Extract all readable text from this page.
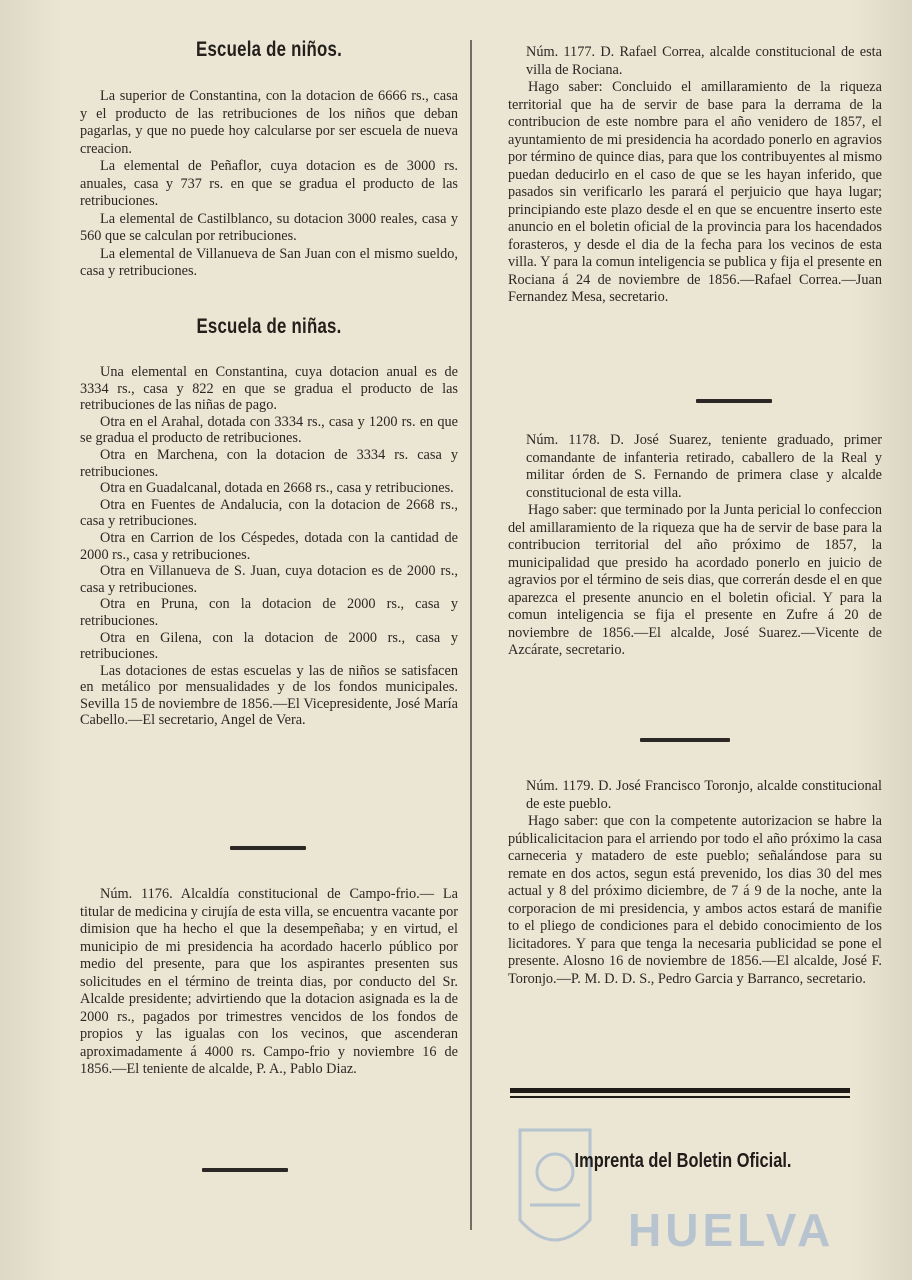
Escuela de niños.

La superior de Constantina, con la dotacion de 6666 rs., casa y el producto de las retribuciones de los niños que deban pagarlas, y que no puede hoy calcularse por ser escuela de nueva creacion.

La elemental de Peñaflor, cuya dotacion es de 3000 rs. anuales, casa y 737 rs. en que se gradua el producto de las retribuciones.

La elemental de Castilblanco, su dotacion 3000 reales, casa y 560 que se calculan por retribuciones.

La elemental de Villanueva de San Juan con el mismo sueldo, casa y retribuciones.

Escuela de niñas.

Una elemental en Constantina, cuya dotacion anual es de 3334 rs., casa y 822 en que se gradua el producto de las retribuciones de las niñas de pago.

Otra en el Arahal, dotada con 3334 rs., casa y 1200 rs. en que se gradua el producto de retribuciones.

Otra en Marchena, con la dotacion de 3334 rs. casa y retribuciones.

Otra en Guadalcanal, dotada en 2668 rs., casa y retribuciones.

Otra en Fuentes de Andalucia, con la dotacion de 2668 rs., casa y retribuciones.

Otra en Carrion de los Céspedes, dotada con la cantidad de 2000 rs., casa y retribuciones.

Otra en Villanueva de S. Juan, cuya dotacion es de 2000 rs., casa y retribuciones.

Otra en Pruna, con la dotacion de 2000 rs., casa y retribuciones.

Otra en Gilena, con la dotacion de 2000 rs., casa y retribuciones.

Las dotaciones de estas escuelas y las de niños se satisfacen en metálico por mensualidades y de los fondos municipales. Sevilla 15 de noviembre de 1856.—El Vicepresidente, José María Cabello.—El secretario, Angel de Vera.

Núm. 1176. Alcaldía constitucional de Campo-frio.— La titular de medicina y cirujía de esta villa, se encuentra vacante por dimision que ha hecho el que la desempeñaba; y en virtud, el municipio de mi presidencia ha acordado hacerlo público por medio del presente, para que los aspirantes presenten sus solicitudes en el término de treinta dias, por conducto del Sr. Alcalde presidente; advirtiendo que la dotacion asignada es la de 2000 rs., pagados por trimestres vencidos de los fondos de propios y las igualas con los vecinos, que ascenderan aproximadamente á 4000 rs. Campo-frio y noviembre 16 de 1856.—El teniente de alcalde, P. A., Pablo Diaz.

Núm. 1177. D. Rafael Correa, alcalde constitucional de esta villa de Rociana.

Hago saber: Concluido el amillaramiento de la riqueza territorial que ha de servir de base para la derrama de la contribucion de este nombre para el año venidero de 1857, el ayuntamiento de mi presidencia ha acordado ponerlo en agravios por término de quince dias, para que los contribuyentes al mismo puedan deducirlo en el caso de que se les hayan inferido, que pasados sin verificarlo les parará el perjuicio que haya lugar; principiando este plazo desde el en que se encuentre inserto este anuncio en el boletin oficial de la provincia para los hacendados forasteros, y desde el dia de la fecha para los vecinos de esta villa. Y para la comun inteligencia se publica y fija el presente en Rociana á 24 de noviembre de 1856.—Rafael Correa.—Juan Fernandez Mesa, secretario.

Núm. 1178. D. José Suarez, teniente graduado, primer comandante de infanteria retirado, caballero de la Real y militar órden de S. Fernando de primera clase y alcalde constitucional de esta villa.

Hago saber: que terminado por la Junta pericial lo confeccion del amillaramiento de la riqueza que ha de servir de base para la contribucion territorial del año próximo de 1857, la municipalidad que presido ha acordado ponerlo en juicio de agravios por el término de seis dias, que correrán desde el en que aparezca el presente anuncio en el boletin oficial. Y para la comun inteligencia se fija el presente en Zufre á 20 de noviembre de 1856.—El alcalde, José Suarez.—Vicente de Azcárate, secretario.

Núm. 1179. D. José Francisco Toronjo, alcalde constitucional de este pueblo.

Hago saber: que con la competente autorizacion se habre la públicalicitacion para el arriendo por todo el año próximo la casa carneceria y matadero de este pueblo; señalándose para su remate en dos actos, segun está prevenido, los dias 30 del mes actual y 8 del próximo diciembre, de 7 á 9 de la noche, ante la corporacion de mi presidencia, y ambos actos estará de manifie to el pliego de condiciones para el debido conocimiento de los licitadores. Y para que tenga la necesaria publicidad se pone el presente. Alosno 16 de noviembre de 1856.—El alcalde, José F. Toronjo.—P. M. D. D. S., Pedro Garcia y Barranco, secretario.

HUELVA
Imprenta del Boletin Oficial.
